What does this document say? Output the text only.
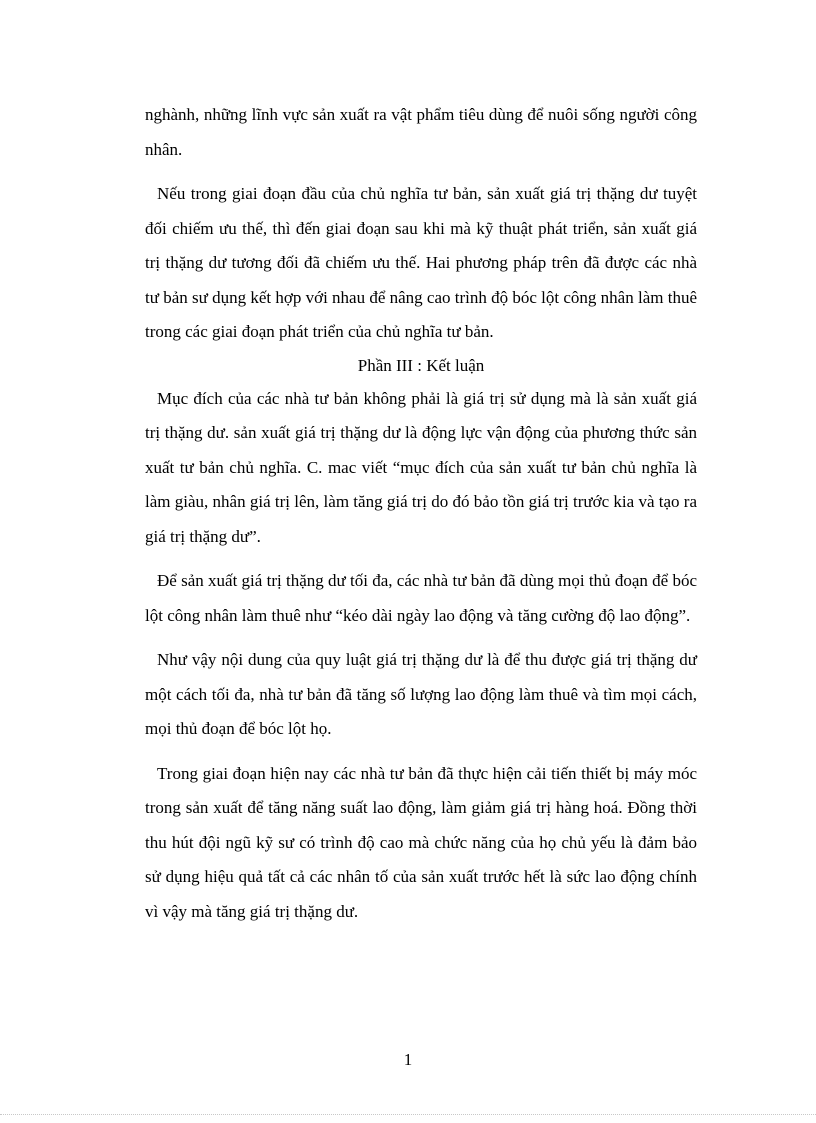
nghành, những lĩnh vực sản xuất ra vật phẩm tiêu dùng để nuôi sống người công nhân.

Nếu trong giai đoạn đầu của chủ nghĩa tư bản, sản xuất giá trị thặng dư tuyệt đối chiếm ưu thế, thì đến giai đoạn sau khi mà kỹ thuật phát triển, sản xuất giá trị thặng dư tương đối đã chiếm ưu thế. Hai phương pháp trên đã được các nhà tư bản sư dụng kết hợp với nhau để nâng cao trình độ bóc lột công nhân làm thuê trong các giai đoạn phát triển của chủ nghĩa tư bản.

Phần III : Kết luận

Mục đích của các nhà tư bản không phải là giá trị sử dụng mà là sản xuất giá trị thặng dư. sản xuất giá trị thặng dư là động lực vận động của phương thức sản xuất tư bản chủ nghĩa. C. mac viết “mục đích của sản xuất tư bản chủ nghĩa là làm giàu, nhân giá trị lên, làm tăng giá trị do đó bảo tồn giá trị trước kia và tạo ra giá trị thặng dư”.

Để sản xuất giá trị thặng dư tối đa, các nhà tư bản đã dùng mọi thủ đoạn để bóc lột công nhân làm thuê như “kéo dài ngày lao động và tăng cường độ lao động”.

Như vậy nội dung của quy luật giá trị thặng dư là để thu được giá trị thặng dư một cách tối đa, nhà tư bản đã tăng số lượng lao động làm thuê và tìm mọi cách, mọi thủ đoạn để bóc lột họ.

Trong giai đoạn hiện nay các nhà tư bản đã thực hiện cải tiến thiết bị máy móc trong sản xuất để tăng năng suất lao động, làm giảm giá trị hàng hoá. Đồng thời thu hút đội ngũ kỹ sư có trình độ cao mà chức năng của họ chủ yếu là đảm bảo sử dụng hiệu quả tất cả các nhân tố của sản xuất trước hết là sức lao động chính vì vậy mà tăng giá trị thặng dư.

1
